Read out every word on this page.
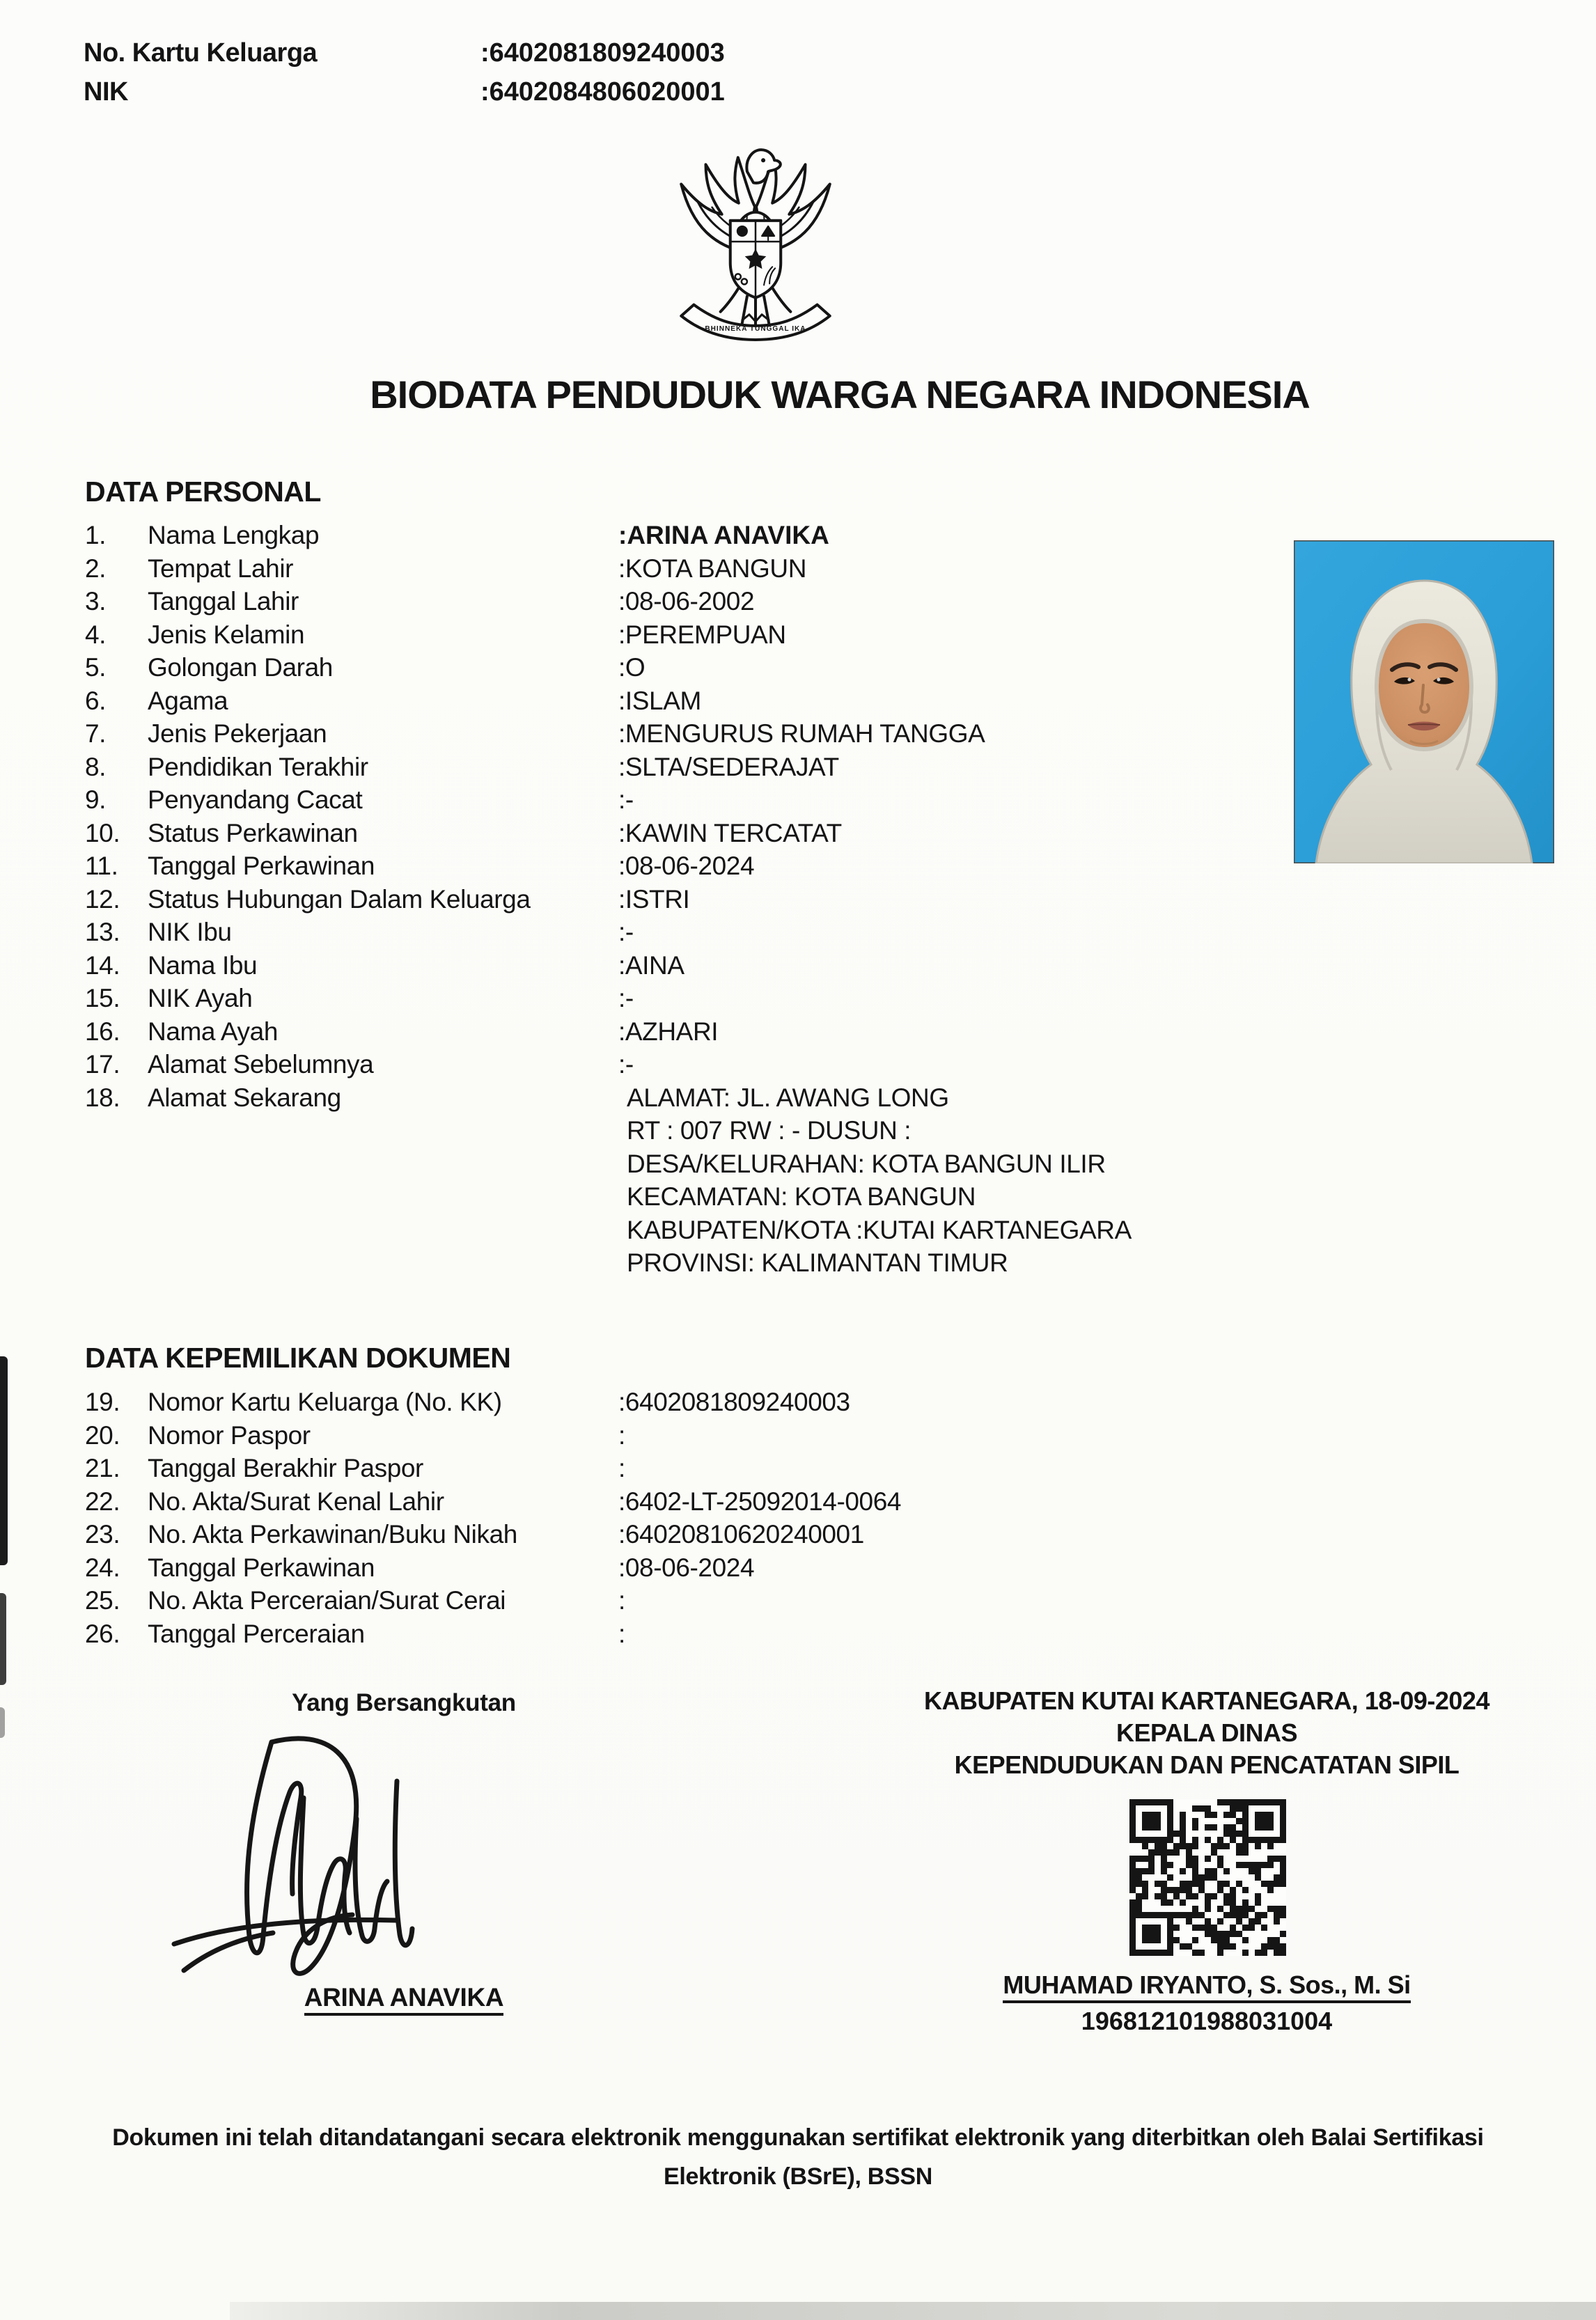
No. Kartu Keluarga	:6402081809240003
NIK	:6402084806020001
BHINNEKA TUNGGAL IKA
BIODATA PENDUDUK WARGA NEGARA INDONESIA
DATA PERSONAL
1.	Nama Lengkap	:ARINA ANAVIKA
2.	Tempat Lahir	:KOTA BANGUN
3.	Tanggal Lahir	:08-06-2002
4.	Jenis Kelamin	:PEREMPUAN
5.	Golongan Darah	:O
6.	Agama	:ISLAM
7.	Jenis Pekerjaan	:MENGURUS RUMAH TANGGA
8.	Pendidikan Terakhir	:SLTA/SEDERAJAT
9.	Penyandang Cacat	:-
10.	Status Perkawinan	:KAWIN TERCATAT
11.	Tanggal Perkawinan	:08-06-2024
12.	Status Hubungan Dalam Keluarga	:ISTRI
13.	NIK Ibu	:-
14.	Nama Ibu	:AINA
15.	NIK Ayah	:-
16.	Nama Ayah	:AZHARI
17.	Alamat Sebelumnya	:-
18.	Alamat Sekarang	ALAMAT: JL. AWANG LONG
RT : 007 RW : - DUSUN :
DESA/KELURAHAN: KOTA BANGUN ILIR
KECAMATAN: KOTA BANGUN
KABUPATEN/KOTA :KUTAI KARTANEGARA
PROVINSI: KALIMANTAN TIMUR
DATA KEPEMILIKAN DOKUMEN
19.	Nomor Kartu Keluarga (No. KK)	:6402081809240003
20.	Nomor Paspor	:
21.	Tanggal Berakhir Paspor	:
22.	No. Akta/Surat Kenal Lahir	:6402-LT-25092014-0064
23.	No. Akta Perkawinan/Buku Nikah	:64020810620240001
24.	Tanggal Perkawinan	:08-06-2024
25.	No. Akta Perceraian/Surat Cerai	:
26.	Tanggal Perceraian	:
Yang Bersangkutan
ARINA ANAVIKA
KABUPATEN KUTAI KARTANEGARA, 18-09-2024
KEPALA DINAS
KEPENDUDUKAN DAN PENCATATAN SIPIL
MUHAMAD IRYANTO, S. Sos., M. Si
196812101988031004
Dokumen ini telah ditandatangani secara elektronik menggunakan sertifikat elektronik yang diterbitkan oleh Balai Sertifikasi
Elektronik (BSrE), BSSN
